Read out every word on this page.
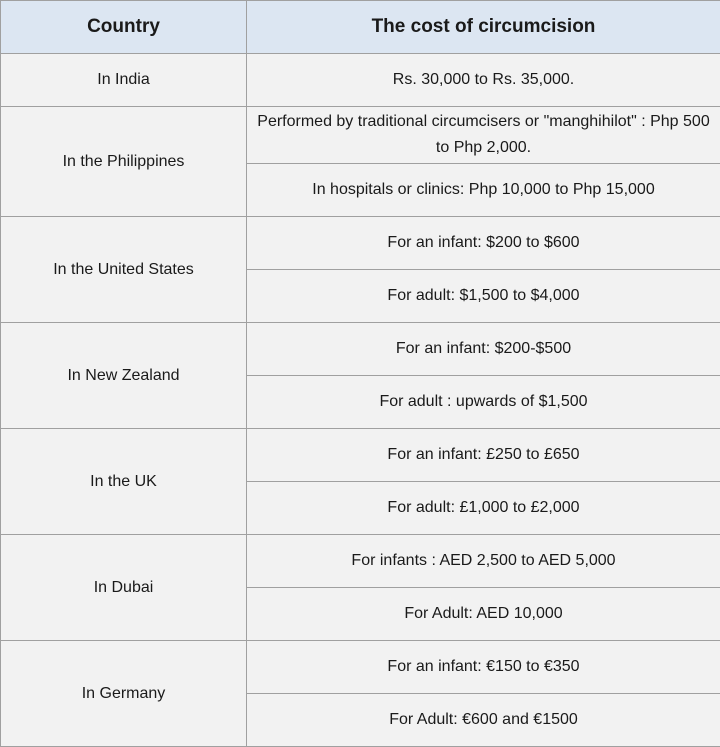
Country	The cost of circumcision
In India	Rs. 30,000 to Rs. 35,000.
In the Philippines	Performed by traditional circumcisers or "manghihilot" : Php 500 to Php 2,000.
	In hospitals or clinics: Php 10,000 to Php 15,000
In the United States	For an infant: $200 to $600
	For adult: $1,500 to $4,000
In New Zealand	For an infant: $200-$500
	For adult : upwards of $1,500
In the UK	For an infant: £250 to £650
	For adult: £1,000 to £2,000
In Dubai	For infants : AED 2,500 to AED 5,000
	For Adult: AED 10,000
In Germany	For an infant: €150 to €350
	For Adult: €600 and €1500
